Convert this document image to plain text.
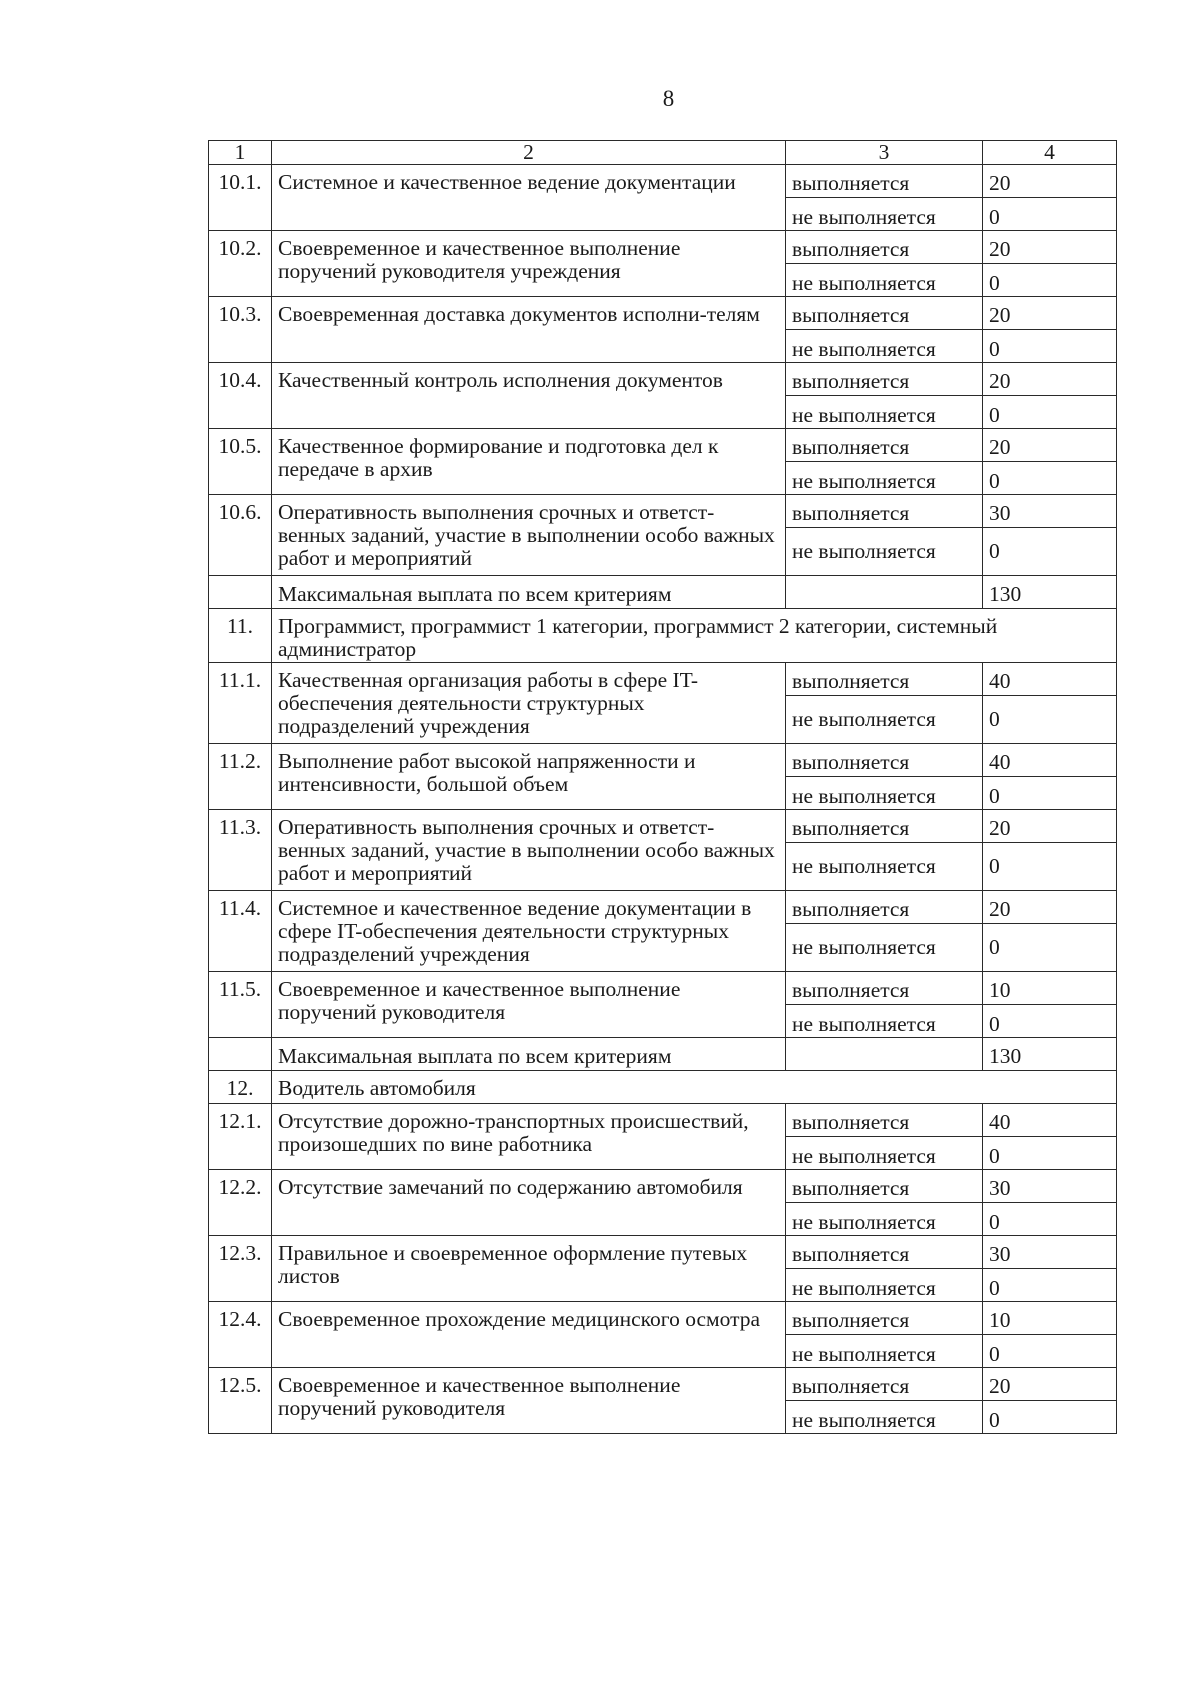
8
1	2	3	4
10.1.	Системное и качественное ведение документации	выполняется	20
		не выполняется	0
10.2.	Своевременное и качественное выполнение поручений руководителя учреждения	выполняется	20
		не выполняется	0
10.3.	Своевременная доставка документов исполни-телям	выполняется	20
		не выполняется	0
10.4.	Качественный контроль исполнения документов	выполняется	20
		не выполняется	0
10.5.	Качественное формирование и подготовка дел к передаче в архив	выполняется	20
		не выполняется	0
10.6.	Оперативность выполнения срочных и ответст-венных заданий, участие в выполнении особо важных работ и мероприятий	выполняется	30
		не выполняется	0
	Максимальная выплата по всем критериям		130
11.	Программист, программист 1 категории, программист 2 категории, системный администратор		
11.1.	Качественная организация работы в сфере IT-обеспечения деятельности структурных подразделений учреждения	выполняется	40
		не выполняется	0
11.2.	Выполнение работ высокой напряженности и интенсивности, большой объем	выполняется	40
		не выполняется	0
11.3.	Оперативность выполнения срочных и ответст-венных заданий, участие в выполнении особо важных работ и мероприятий	выполняется	20
		не выполняется	0
11.4.	Системное и качественное ведение документации в сфере IT-обеспечения деятельности структурных подразделений учреждения	выполняется	20
		не выполняется	0
11.5.	Своевременное и качественное выполнение поручений руководителя	выполняется	10
		не выполняется	0
	Максимальная выплата по всем критериям		130
12.	Водитель автомобиля		
12.1.	Отсутствие дорожно-транспортных происшествий, произошедших по вине работника	выполняется	40
		не выполняется	0
12.2.	Отсутствие замечаний по содержанию автомобиля	выполняется	30
		не выполняется	0
12.3.	Правильное и своевременное оформление путевых листов	выполняется	30
		не выполняется	0
12.4.	Своевременное прохождение медицинского осмотра	выполняется	10
		не выполняется	0
12.5.	Своевременное и качественное выполнение поручений руководителя	выполняется	20
		не выполняется	0
